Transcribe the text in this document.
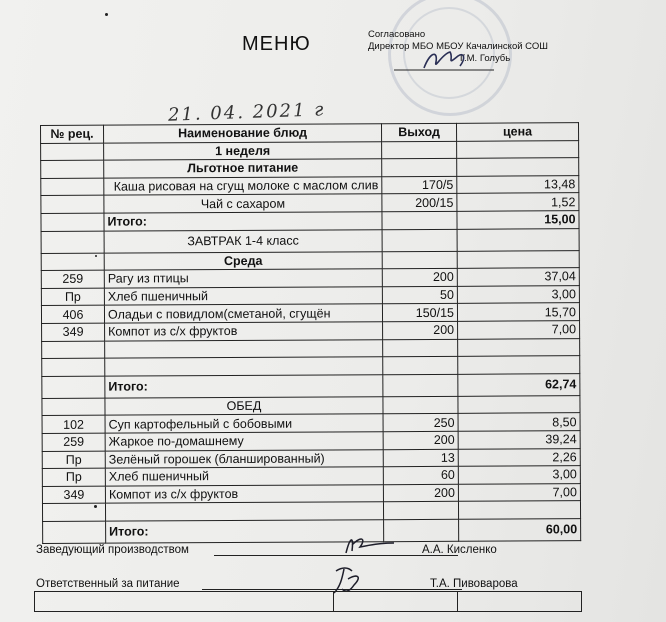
МЕНЮ	Согласовано
Директор МБО МБОУ Качалинской СОШ
Г.М. Голубь
21. 04. 2021 г
№ рец.	Наименование блюд	Выход	цена
	1 неделя		
	Льготное питание		
	Каша рисовая на сгущ молоке с маслом слив	170/5	13,48
	Чай с сахаром	200/15	1,52
	Итого:		15,00
	ЗАВТРАК 1-4 класс		
	Среда		
259	Рагу из птицы	200	37,04
Пр	Хлеб пшеничный	50	3,00
406	Оладьи с повидлом(сметаной, сгущён	150/15	15,70
349	Компот из с/х фруктов	200	7,00

	Итого:		62,74
	ОБЕД		
102	Суп картофельный с бобовыми	250	8,50
259	Жаркое по-домашнему	200	39,24
Пр	Зелёный горошек (бланшированный)	13	2,26
Пр	Хлеб пшеничный	60	3,00
349	Компот из с/х фруктов	200	7,00

	Итого:		60,00
Заведующий производством	А.А. Кисленко
Ответственный за питание	Т.А. Пивоварова
